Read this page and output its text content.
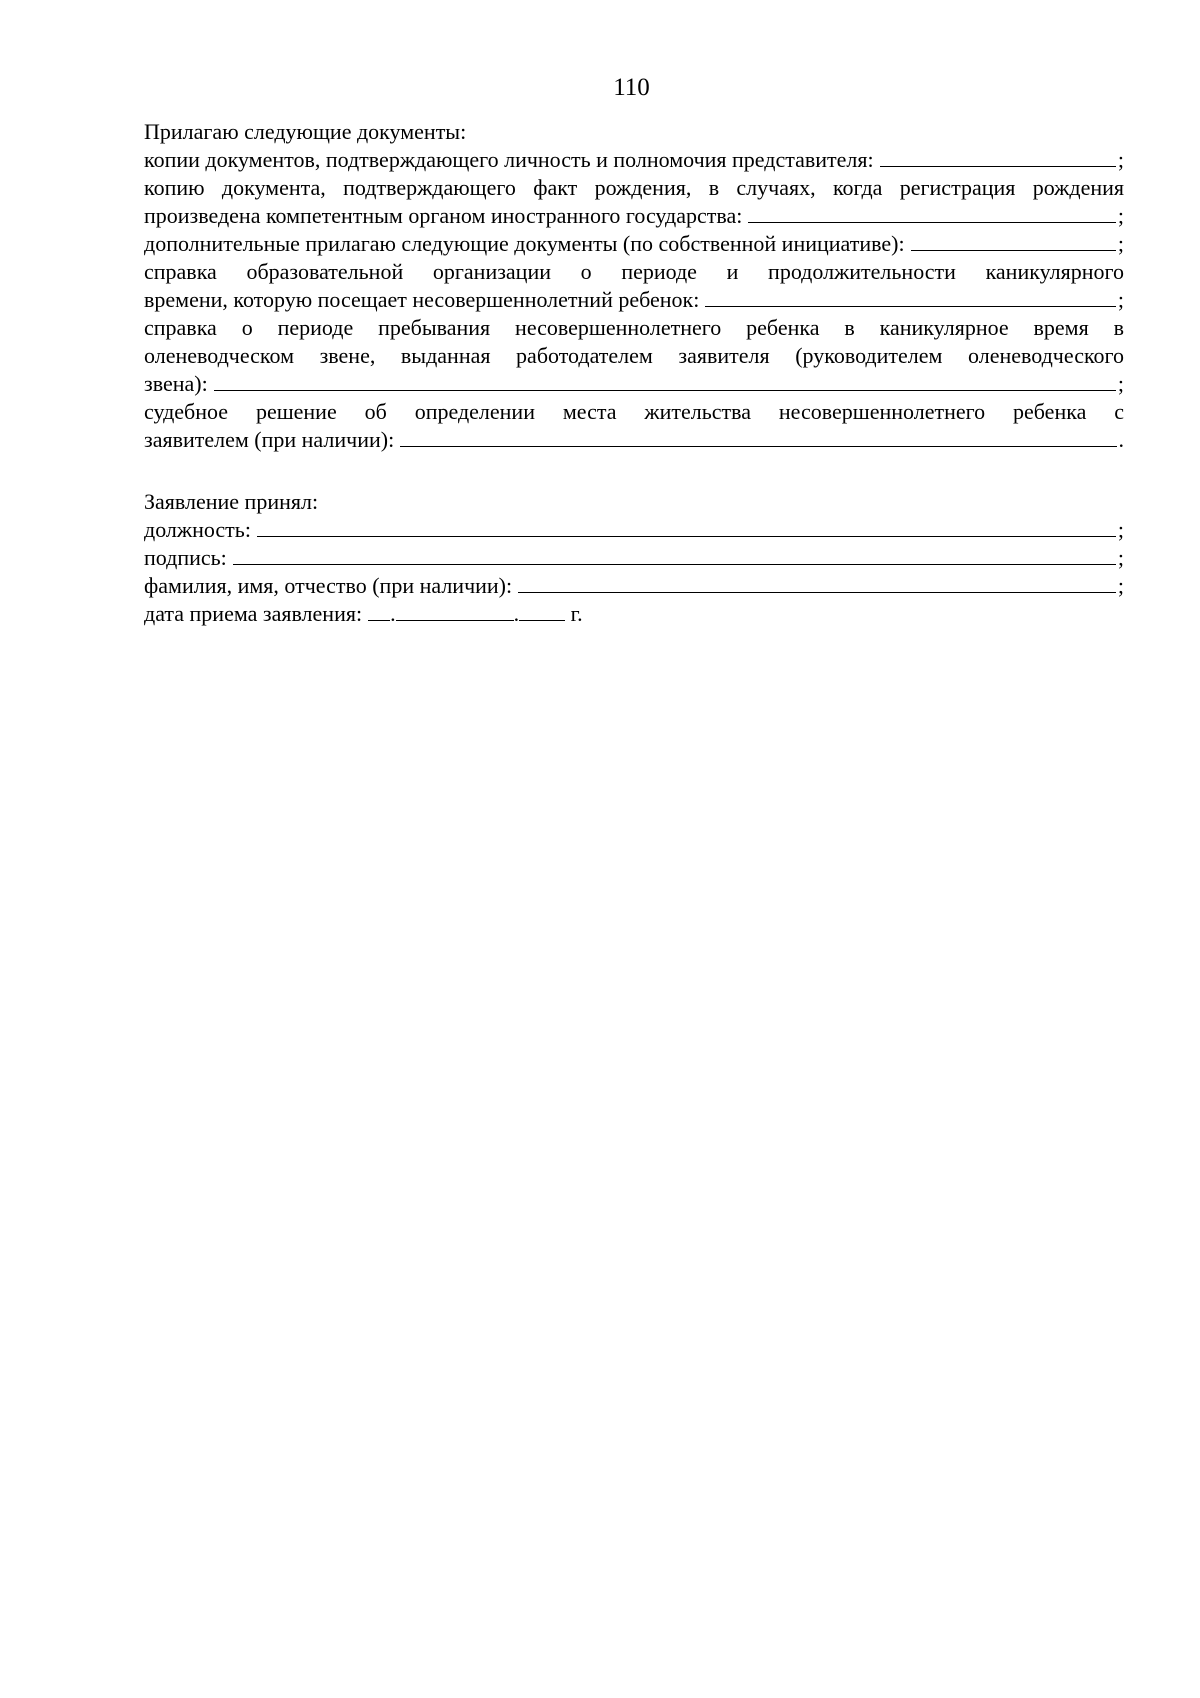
110
Прилагаю следующие документы:
копии документов, подтверждающего личность и полномочия представителя:	;
копию документа, подтверждающего факт рождения, в случаях, когда регистрация рождения
произведена компетентным органом иностранного государства:	;
дополнительные прилагаю следующие документы (по собственной инициативе):	;
справка образовательной организации о периоде и продолжительности каникулярного
времени, которую посещает несовершеннолетний ребенок:	;
справка о периоде пребывания несовершеннолетнего ребенка в каникулярное время в
оленеводческом звене, выданная работодателем заявителя (руководителем оленеводческого
звена):	;
судебное решение об определении места жительства несовершеннолетнего ребенка с
заявителем (при наличии):	.
Заявление принял:
должность:	;
подпись:	;
фамилия, имя, отчество (при наличии):	;
дата приема заявления: .	. г.
